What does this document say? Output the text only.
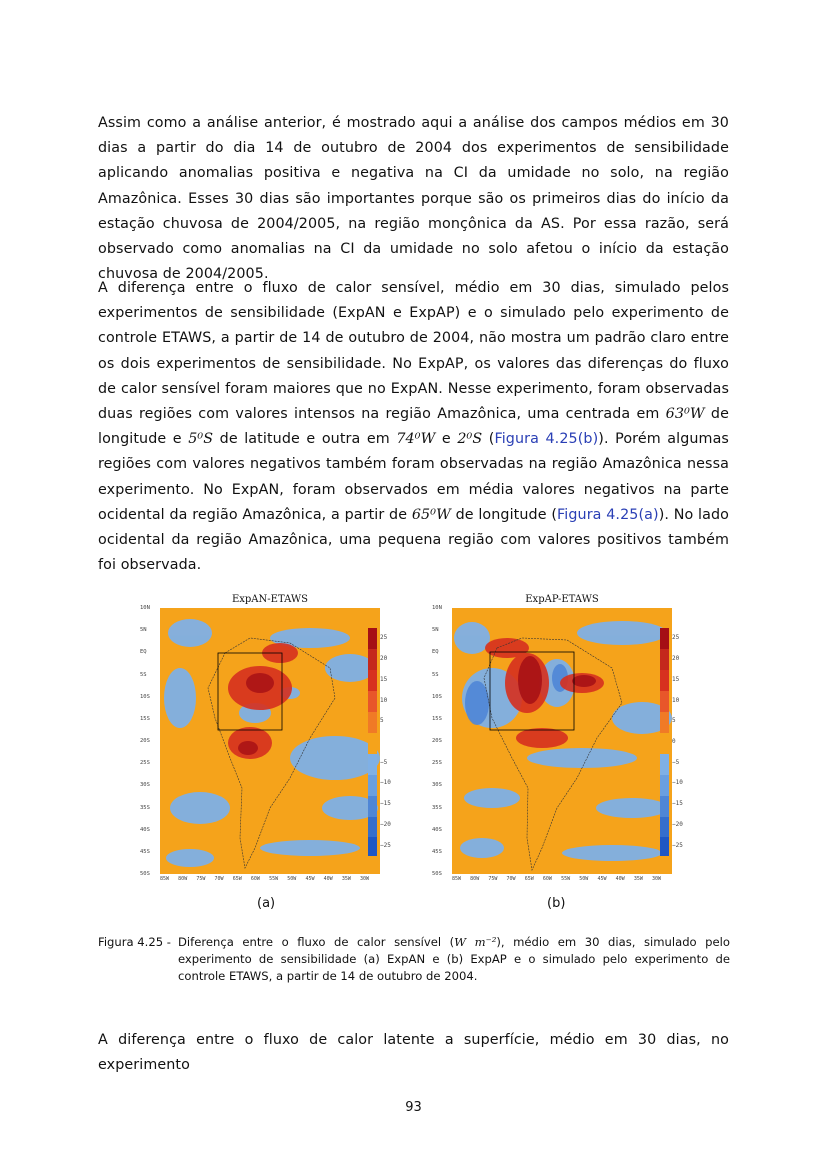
Assim como a análise anterior, é mostrado aqui a análise dos campos médios em 30 dias a partir do dia 14 de outubro de 2004 dos experimentos de sensibilidade aplicando anomalias positiva e negativa na CI da umidade no solo, na região Amazônica. Esses 30 dias são importantes porque são os primeiros dias do início da estação chuvosa de 2004/2005, na região monçônica da AS. Por essa razão, será observado como anomalias na CI da umidade no solo afetou o início da estação chuvosa de 2004/2005.

A diferença entre o fluxo de calor sensível, médio em 30 dias, simulado pelos experimentos de sensibilidade (ExpAN e ExpAP) e o simulado pelo experimento de controle ETAWS, a partir de 14 de outubro de 2004, não mostra um padrão claro entre os dois experimentos de sensibilidade. No ExpAP, os valores das diferenças do fluxo de calor sensível foram maiores que no ExpAN. Nesse experimento, foram observadas duas regiões com valores intensos na região Amazônica, uma centrada em 63⁰W de longitude e 5⁰S de latitude e outra em 74⁰W e 2⁰S (Figura 4.25(b)). Porém algumas regiões com valores negativos também foram observadas na região Amazônica nessa experimento. No ExpAN, foram observados em média valores negativos na parte ocidental da região Amazônica, a partir de 65⁰W de longitude (Figura 4.25(a)). No lado ocidental da região Amazônica, uma pequena região com valores positivos também foi observada.

ExpAN-ETAWS
10N
5N
EQ
5S
10S
15S
20S
25S
30S
35S
40S
45S
50S
25
20
15
10
5
−5
−10
−15
−20
−25
85W 80W 75W 70W 65W 60W 55W 50W 45W 40W 35W 30W
ExpAP-ETAWS
10N
5N
EQ
5S
10S
15S
20S
25S
30S
35S
40S
45S
50S
25
20
15
10
5
0
−5
−10
−15
−20
−25
85W 80W 75W 70W 65W 60W 55W 50W 45W 40W 35W 30W
(a)	(b)
Figura 4.25 - Diferença entre o fluxo de calor sensível (W m⁻²), médio em 30 dias, simulado pelo experimento de sensibilidade (a) ExpAN e (b) ExpAP e o simulado pelo experimento de controle ETAWS, a partir de 14 de outubro de 2004.

A diferença entre o fluxo de calor latente a superfície, médio em 30 dias, no experimento

93
